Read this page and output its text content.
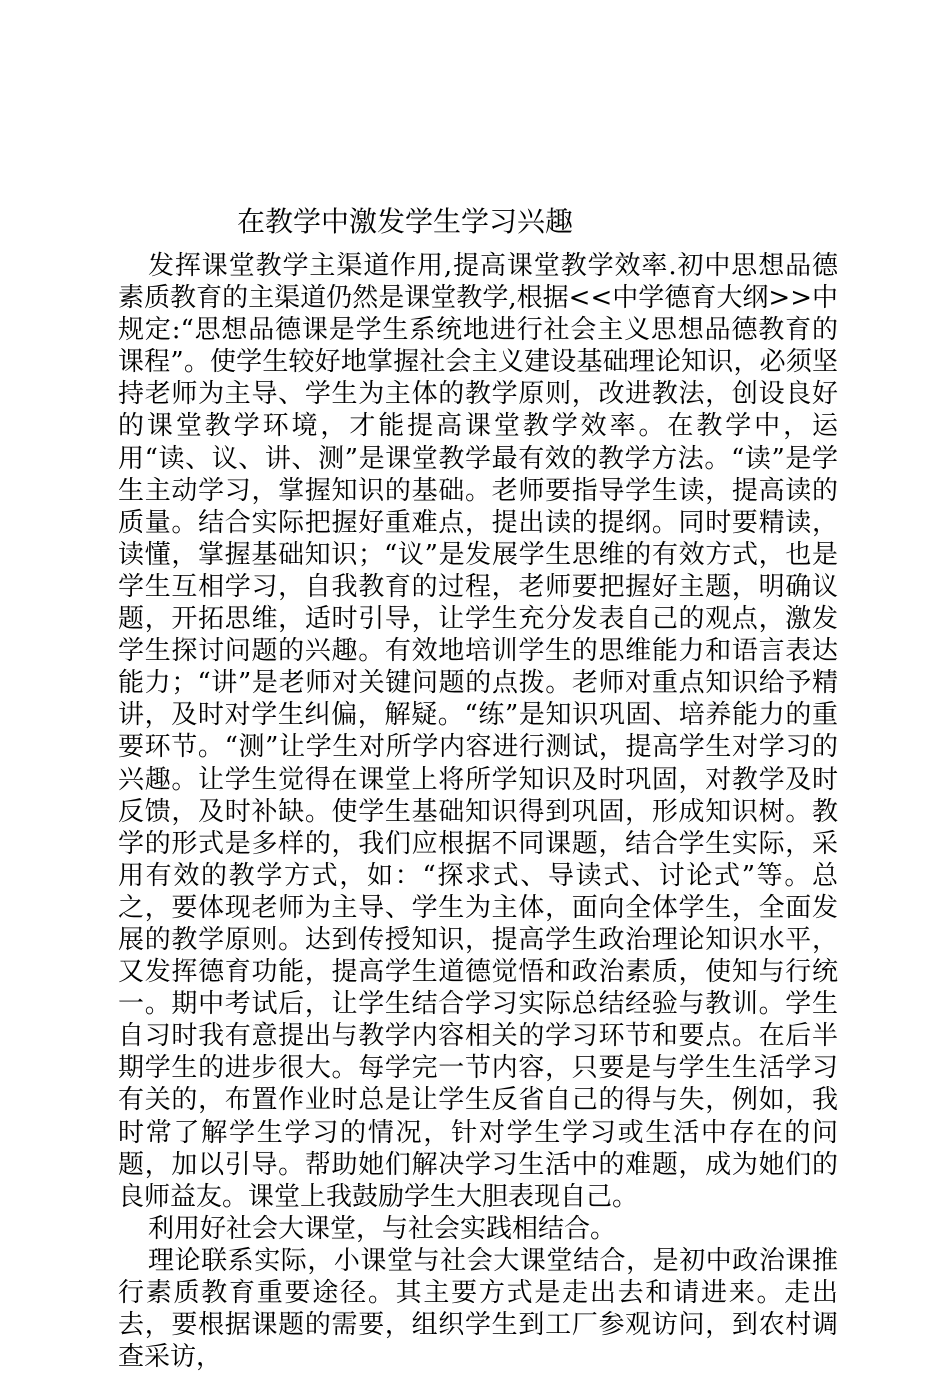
在教学中激发学生学习兴趣

发挥课堂教学主渠道作用,提高课堂教学效率.初中思想品德素质教育的主渠道仍然是课堂教学,根据<<中学德育大纲>>中规定:“思想品德课是学生系统地进行社会主义思想品德教育的课程”。使学生较好地掌握社会主义建设基础理论知识，必须坚持老师为主导、学生为主体的教学原则，改进教法，创设良好的课堂教学环境，才能提高课堂教学效率。在教学中，运用“读、议、讲、测”是课堂教学最有效的教学方法。“读”是学生主动学习，掌握知识的基础。老师要指导学生读，提高读的质量。结合实际把握好重难点，提出读的提纲。同时要精读，读懂，掌握基础知识；“议”是发展学生思维的有效方式，也是学生互相学习，自我教育的过程，老师要把握好主题，明确议题，开拓思维，适时引导，让学生充分发表自己的观点，激发学生探讨问题的兴趣。有效地培训学生的思维能力和语言表达能力；“讲”是老师对关键问题的点拨。老师对重点知识给予精讲，及时对学生纠偏，解疑。“练”是知识巩固、培养能力的重要环节。“测”让学生对所学内容进行测试，提高学生对学习的兴趣。让学生觉得在课堂上将所学知识及时巩固，对教学及时反馈，及时补缺。使学生基础知识得到巩固，形成知识树。教学的形式是多样的，我们应根据不同课题，结合学生实际，采用有效的教学方式，如：“探求式、导读式、讨论式”等。总之，要体现老师为主导、学生为主体，面向全体学生，全面发展的教学原则。达到传授知识，提高学生政治理论知识水平，又发挥德育功能，提高学生道德觉悟和政治素质，使知与行统一。期中考试后，让学生结合学习实际总结经验与教训。学生自习时我有意提出与教学内容相关的学习环节和要点。在后半期学生的进步很大。每学完一节内容，只要是与学生生活学习有关的，布置作业时总是让学生反省自己的得与失，例如，我时常了解学生学习的情况，针对学生学习或生活中存在的问题，加以引导。帮助她们解决学习生活中的难题，成为她们的良师益友。课堂上我鼓励学生大胆表现自己。

利用好社会大课堂，与社会实践相结合。

理论联系实际，小课堂与社会大课堂结合，是初中政治课推行素质教育重要途径。其主要方式是走出去和请进来。走出去，要根据课题的需要，组织学生到工厂参观访问，到农村调查采访，
